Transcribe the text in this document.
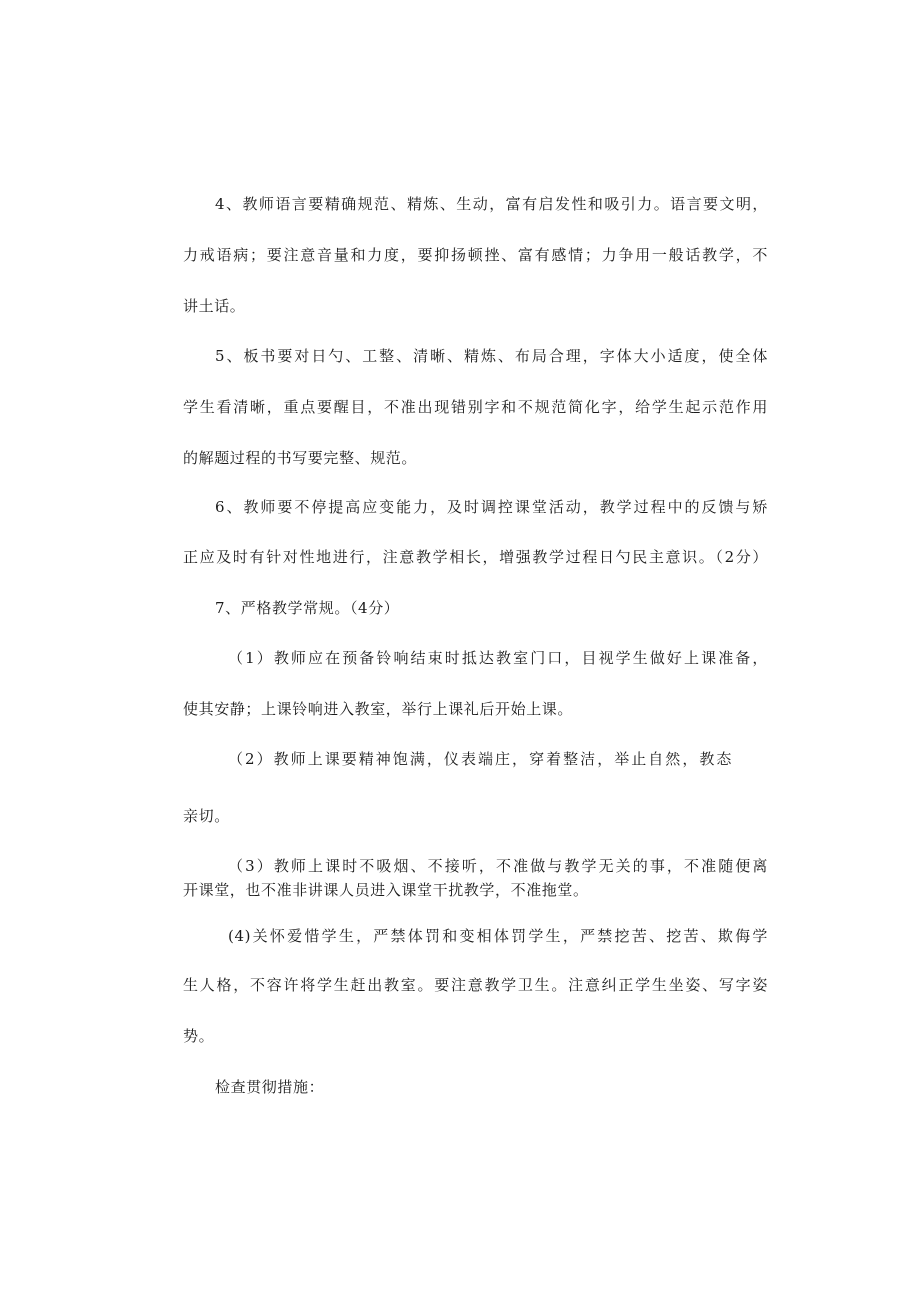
4、教师语言要精确规范、精炼、生动，富有启发性和吸引力。语言要文明，
力戒语病；要注意音量和力度，要抑扬顿挫、富有感情；力争用一般话教学，不
讲土话。
5、板书要对日勺、工整、清晰、精炼、布局合理，字体大小适度，使全体
学生看清晰，重点要醒目，不准出现错别字和不规范简化字，给学生起示范作用
的解题过程的书写要完整、规范。
6、教师要不停提高应变能力，及时调控课堂活动，教学过程中的反馈与矫
正应及时有针对性地进行，注意教学相长，增强教学过程日勺民主意识。（2分）
7、严格教学常规。（4分）
（1）教师应在预备铃响结束时抵达教室门口，目视学生做好上课准备，
使其安静；上课铃响进入教室，举行上课礼后开始上课。
（2）教师上课要精神饱满，仪表端庄，穿着整洁，举止自然，教态
亲切。
（3）教师上课时不吸烟、不接听，不准做与教学无关的事，不准随便离
开课堂，也不准非讲课人员进入课堂干扰教学，不准拖堂。
(4)关怀爱惜学生，严禁体罚和变相体罚学生，严禁挖苦、挖苦、欺侮学
生人格，不容许将学生赶出教室。要注意教学卫生。注意纠正学生坐姿、写字姿
势。
检查贯彻措施：
